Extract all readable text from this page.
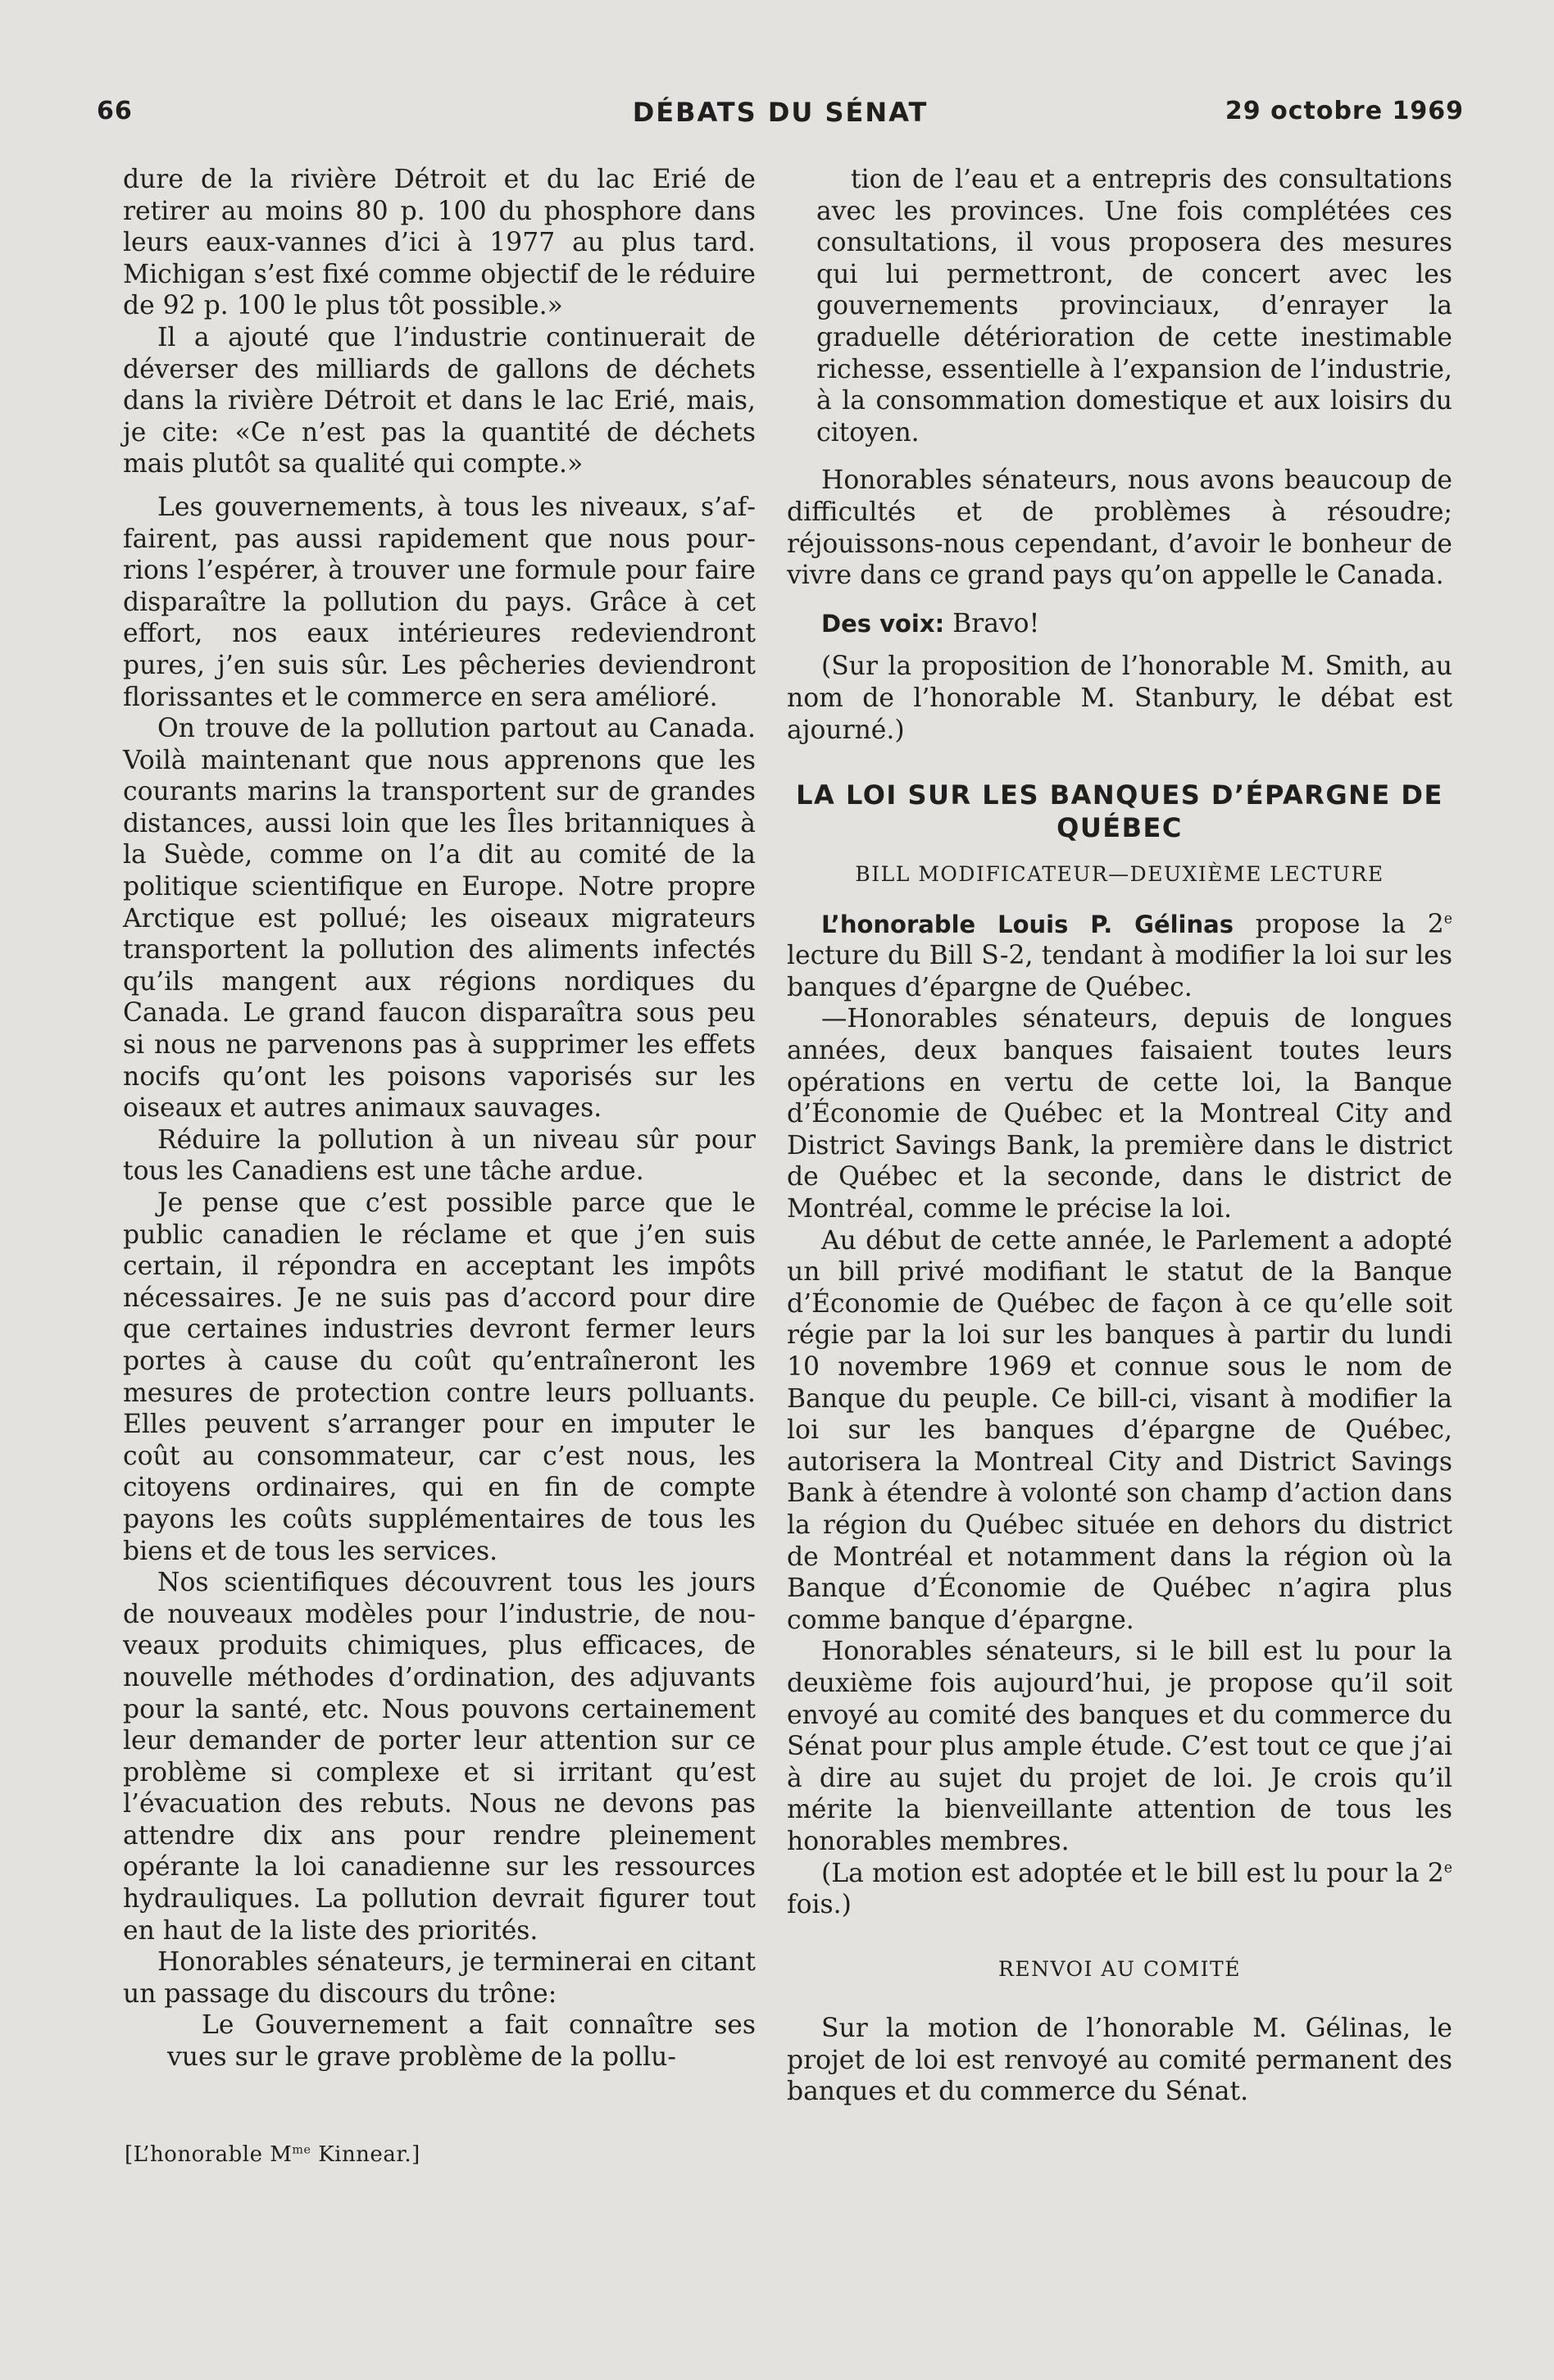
66	DÉBATS DU SÉNAT	29 octobre 1969

dure de la rivière Détroit et du lac Erié de retirer au moins 80 p. 100 du phosphore dans leurs eaux-vannes d’ici à 1977 au plus tard. Michigan s’est fixé comme objectif de le réduire de 92 p. 100 le plus tôt possible.»

Il a ajouté que l’industrie continuerait de déverser des milliards de gallons de déchets dans la rivière Détroit et dans le lac Erié, mais, je cite: «Ce n’est pas la quantité de déchets mais plutôt sa qualité qui compte.»

Les gouvernements, à tous les niveaux, s’affairent, pas aussi rapidement que nous pourrions l’espérer, à trouver une formule pour faire disparaître la pollution du pays. Grâce à cet effort, nos eaux intérieures redeviendront pures, j’en suis sûr. Les pêcheries deviendront florissantes et le commerce en sera amélioré.

On trouve de la pollution partout au Canada. Voilà maintenant que nous apprenons que les courants marins la transportent sur de grandes distances, aussi loin que les Îles britanniques à la Suède, comme on l’a dit au comité de la politique scientifique en Europe. Notre propre Arctique est pollué; les oiseaux migrateurs transportent la pollution des aliments infectés qu’ils mangent aux régions nordiques du Canada. Le grand faucon disparaîtra sous peu si nous ne parvenons pas à supprimer les effets nocifs qu’ont les poisons vaporisés sur les oiseaux et autres animaux sauvages.

Réduire la pollution à un niveau sûr pour tous les Canadiens est une tâche ardue.

Je pense que c’est possible parce que le public canadien le réclame et que j’en suis certain, il répondra en acceptant les impôts nécessaires. Je ne suis pas d’accord pour dire que certaines industries devront fermer leurs portes à cause du coût qu’entraîneront les mesures de protection contre leurs polluants. Elles peuvent s’arranger pour en imputer le coût au consommateur, car c’est nous, les citoyens ordinaires, qui en fin de compte payons les coûts supplémentaires de tous les biens et de tous les services.

Nos scientifiques découvrent tous les jours de nouveaux modèles pour l’industrie, de nouveaux produits chimiques, plus efficaces, de nouvelle méthodes d’ordination, des adjuvants pour la santé, etc. Nous pouvons certainement leur demander de porter leur attention sur ce problème si complexe et si irritant qu’est l’évacuation des rebuts. Nous ne devons pas attendre dix ans pour rendre pleinement opérante la loi canadienne sur les ressources hydrauliques. La pollution devrait figurer tout en haut de la liste des priorités.

Honorables sénateurs, je terminerai en citant un passage du discours du trône:

Le Gouvernement a fait connaître ses vues sur le grave problème de la pollu-

[L’honorable $M^{me}$ Kinnear.]

tion de l’eau et a entrepris des consultations avec les provinces. Une fois complétées ces consultations, il vous proposera des mesures qui lui permettront, de concert avec les gouvernements provinciaux, d’enrayer la graduelle détérioration de cette inestimable richesse, essentielle à l’expansion de l’industrie, à la consommation domestique et aux loisirs du citoyen.

Honorables sénateurs, nous avons beaucoup de difficultés et de problèmes à résoudre; réjouissons-nous cependant, d’avoir le bonheur de vivre dans ce grand pays qu’on appelle le Canada.

Des voix: Bravo!

(Sur la proposition de l’honorable M. Smith, au nom de l’honorable M. Stanbury, le débat est ajourné.)

LA LOI SUR LES BANQUES D’ÉPARGNE DE QUÉBEC
BILL MODIFICATEUR—DEUXIÈME LECTURE

L’honorable Louis P. Gélinas propose la 2e lecture du Bill S-2, tendant à modifier la loi sur les banques d’épargne de Québec.

—Honorables sénateurs, depuis de longues années, deux banques faisaient toutes leurs opérations en vertu de cette loi, la Banque d’Économie de Québec et la Montreal City and District Savings Bank, la première dans le district de Québec et la seconde, dans le district de Montréal, comme le précise la loi.

Au début de cette année, le Parlement a adopté un bill privé modifiant le statut de la Banque d’Économie de Québec de façon à ce qu’elle soit régie par la loi sur les banques à partir du lundi 10 novembre 1969 et connue sous le nom de Banque du peuple. Ce bill-ci, visant à modifier la loi sur les banques d’épargne de Québec, autorisera la Montreal City and District Savings Bank à étendre à volonté son champ d’action dans la région du Québec située en dehors du district de Montréal et notamment dans la région où la Banque d’Économie de Québec n’agira plus comme banque d’épargne.

Honorables sénateurs, si le bill est lu pour la deuxième fois aujourd’hui, je propose qu’il soit envoyé au comité des banques et du commerce du Sénat pour plus ample étude. C’est tout ce que j’ai à dire au sujet du projet de loi. Je crois qu’il mérite la bienveillante attention de tous les honorables membres.

(La motion est adoptée et le bill est lu pour la 2e fois.)

RENVOI AU COMITÉ

Sur la motion de l’honorable M. Gélinas, le projet de loi est renvoyé au comité permanent des banques et du commerce du Sénat.
